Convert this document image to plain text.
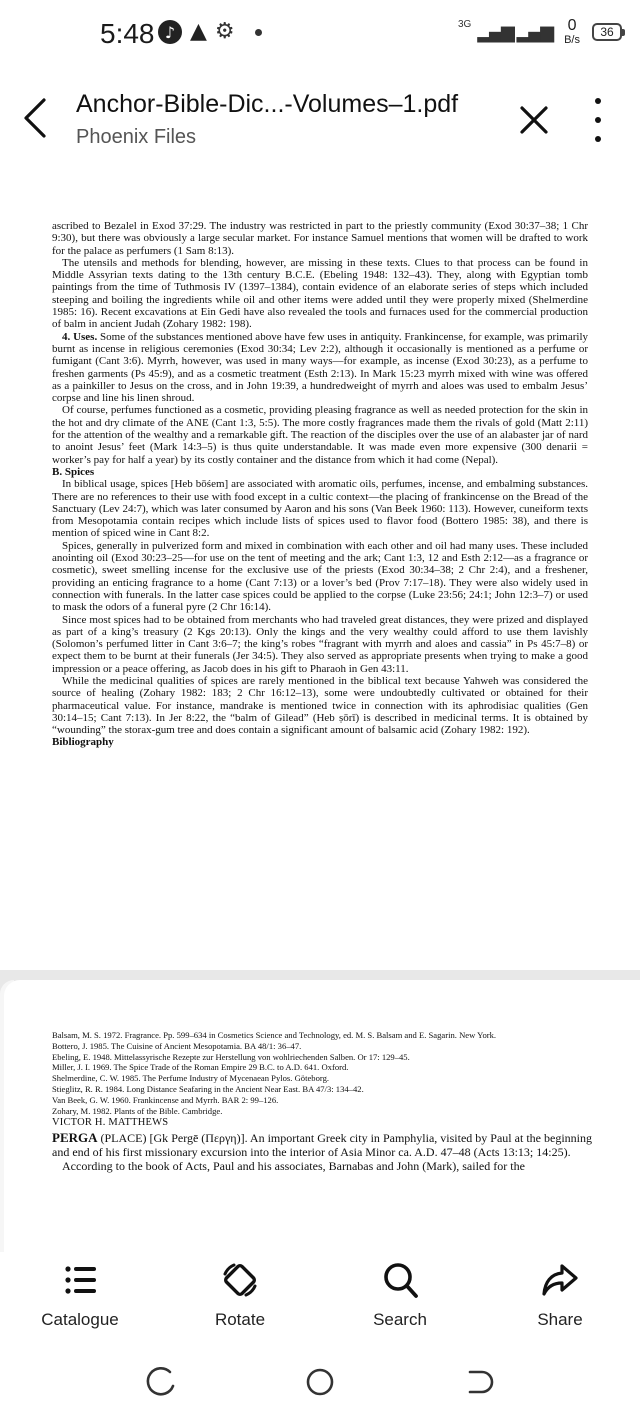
5:48 ♪ ▲ ⚙	3G ▂▄▆ ▂▄▆ 0
B/s
36
Anchor-Bible-Dic...-Volumes–1.pdf
Phoenix Files

ascribed to Bezalel in Exod 37:29. The industry was restricted in part to the priestly community (Exod 30:37–38; 1 Chr 9:30), but there was obviously a large secular market. For instance Samuel mentions that women will be drafted to work for the palace as perfumers (1 Sam 8:13).

The utensils and methods for blending, however, are missing in these texts. Clues to that process can be found in Middle Assyrian texts dating to the 13th century B.C.E. (Ebeling 1948: 132–43). They, along with Egyptian tomb paintings from the time of Tuthmosis IV (1397–1384), contain evidence of an elaborate series of steps which included steeping and boiling the ingredients while oil and other items were added until they were properly mixed (Shelmerdine 1985: 16). Recent excavations at Ein Gedi have also revealed the tools and furnaces used for the commercial production of balm in ancient Judah (Zohary 1982: 198).

4. Uses. Some of the substances mentioned above have few uses in antiquity. Frankincense, for example, was primarily burnt as incense in religious ceremonies (Exod 30:34; Lev 2:2), although it occasionally is mentioned as a perfume or fumigant (Cant 3:6). Myrrh, however, was used in many ways—for example, as incense (Exod 30:23), as a perfume to freshen garments (Ps 45:9), and as a cosmetic treatment (Esth 2:13). In Mark 15:23 myrrh mixed with wine was offered as a painkiller to Jesus on the cross, and in John 19:39, a hundredweight of myrrh and aloes was used to embalm Jesus’ corpse and line his linen shroud.

Of course, perfumes functioned as a cosmetic, providing pleasing fragrance as well as needed protection for the skin in the hot and dry climate of the ANE (Cant 1:3, 5:5). The more costly fragrances made them the rivals of gold (Matt 2:11) for the attention of the wealthy and a remarkable gift. The reaction of the disciples over the use of an alabaster jar of nard to anoint Jesus’ feet (Mark 14:3–5) is thus quite understandable. It was made even more expensive (300 denarii = worker’s pay for half a year) by its costly container and the distance from which it had come (Nepal).

B. Spices

In biblical usage, spices [Heb bōśem] are associated with aromatic oils, perfumes, incense, and embalming substances. There are no references to their use with food except in a cultic context—the placing of frankincense on the Bread of the Sanctuary (Lev 24:7), which was later consumed by Aaron and his sons (Van Beek 1960: 113). However, cuneiform texts from Mesopotamia contain recipes which include lists of spices used to flavor food (Bottero 1985: 38), and there is mention of spiced wine in Cant 8:2.

Spices, generally in pulverized form and mixed in combination with each other and oil had many uses. These included anointing oil (Exod 30:23–25—for use on the tent of meeting and the ark; Cant 1:3, 12 and Esth 2:12—as a fragrance or cosmetic), sweet smelling incense for the exclusive use of the priests (Exod 30:34–38; 2 Chr 2:4), and a freshener, providing an enticing fragrance to a home (Cant 7:13) or a lover’s bed (Prov 7:17–18). They were also widely used in connection with funerals. In the latter case spices could be applied to the corpse (Luke 23:56; 24:1; John 12:3–7) or used to mask the odors of a funeral pyre (2 Chr 16:14).

Since most spices had to be obtained from merchants who had traveled great distances, they were prized and displayed as part of a king’s treasury (2 Kgs 20:13). Only the kings and the very wealthy could afford to use them lavishly (Solomon’s perfumed litter in Cant 3:6–7; the king’s robes “fragrant with myrrh and aloes and cassia” in Ps 45:7–8) or expect them to be burnt at their funerals (Jer 34:5). They also served as appropriate presents when trying to make a good impression or a peace offering, as Jacob does in his gift to Pharaoh in Gen 43:11.

While the medicinal qualities of spices are rarely mentioned in the biblical text because Yahweh was considered the source of healing (Zohary 1982: 183; 2 Chr 16:12–13), some were undoubtedly cultivated or obtained for their pharmaceutical value. For instance, mandrake is mentioned twice in connection with its aphrodisiac qualities (Gen 30:14–15; Cant 7:13). In Jer 8:22, the “balm of Gilead” (Heb ṣōrī) is described in medicinal terms. It is obtained by “wounding” the storax-gum tree and does contain a significant amount of balsamic acid (Zohary 1982: 192).

Bibliography

Balsam, M. S. 1972. Fragrance. Pp. 599–634 in Cosmetics Science and Technology, ed. M. S. Balsam and E. Sagarin. New York.

Bottero, J. 1985. The Cuisine of Ancient Mesopotamia. BA 48/1: 36–47.

Ebeling, E. 1948. Mittelassyrische Rezepte zur Herstellung von wohlriechenden Salben. Or 17: 129–45.

Miller, J. I. 1969. The Spice Trade of the Roman Empire 29 B.C. to A.D. 641. Oxford.

Shelmerdine, C. W. 1985. The Perfume Industry of Mycenaean Pylos. Göteborg.

Stieglitz, R. R. 1984. Long Distance Seafaring in the Ancient Near East. BA 47/3: 134–42.

Van Beek, G. W. 1960. Frankincense and Myrrh. BAR 2: 99–126.

Zohary, M. 1982. Plants of the Bible. Cambridge.

VICTOR H. MATTHEWS
PERGA (PLACE) [Gk Pergē (Περγη)]. An important Greek city in Pamphylia, visited by Paul at the beginning and end of his first missionary excursion into the interior of Asia Minor ca. A.D. 47–48 (Acts 13:13; 14:25).
According to the book of Acts, Paul and his associates, Barnabas and John (Mark), sailed for the
Catalogue	Rotate	Search	Share
